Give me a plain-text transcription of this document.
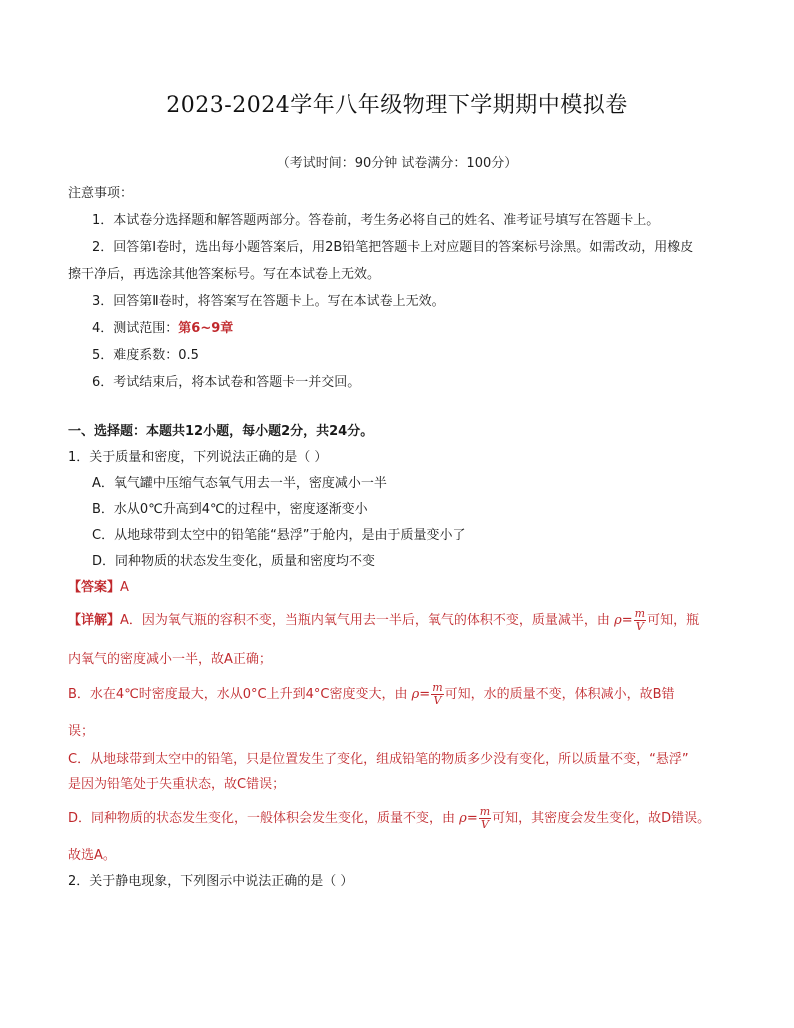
2023-2024学年八年级物理下学期期中模拟卷
（考试时间：90分钟 试卷满分：100分）
注意事项：
1．本试卷分选择题和解答题两部分。答卷前，考生务必将自己的姓名、准考证号填写在答题卡上。
2．回答第Ⅰ卷时，选出每小题答案后，用2B铅笔把答题卡上对应题目的答案标号涂黑。如需改动，用橡皮
擦干净后，再选涂其他答案标号。写在本试卷上无效。
3．回答第Ⅱ卷时，将答案写在答题卡上。写在本试卷上无效。
4．测试范围：第6~9章
5．难度系数：0.5
6．考试结束后，将本试卷和答题卡一并交回。
一、选择题：本题共12小题，每小题2分，共24分。
1．关于质量和密度，下列说法正确的是（ ）
A．氧气罐中压缩气态氧气用去一半，密度减小一半
B．水从0℃升高到4℃的过程中，密度逐渐变小
C．从地球带到太空中的铅笔能“悬浮”于舱内，是由于质量变小了
D．同种物质的状态发生变化，质量和密度均不变
【答案】A
【详解】A．因为氧气瓶的容积不变，当瓶内氧气用去一半后，氧气的体积不变，质量减半，由 $\rho= \frac{m}{V}$ 可知，瓶
内氧气的密度减小一半，故A正确；
B．水在4℃时密度最大，水从0°C上升到4°C密度变大，由 $\rho= \frac{m}{V}$ 可知，水的质量不变，体积减小，故B错
误；
C．从地球带到太空中的铅笔，只是位置发生了变化，组成铅笔的物质多少没有变化，所以质量不变，“悬浮”
是因为铅笔处于失重状态，故C错误；
D．同种物质的状态发生变化，一般体积会发生变化，质量不变，由 $\rho= \frac{m}{V}$ 可知，其密度会发生变化，故D错误。
故选A。
2．关于静电现象，下列图示中说法正确的是（ ）
